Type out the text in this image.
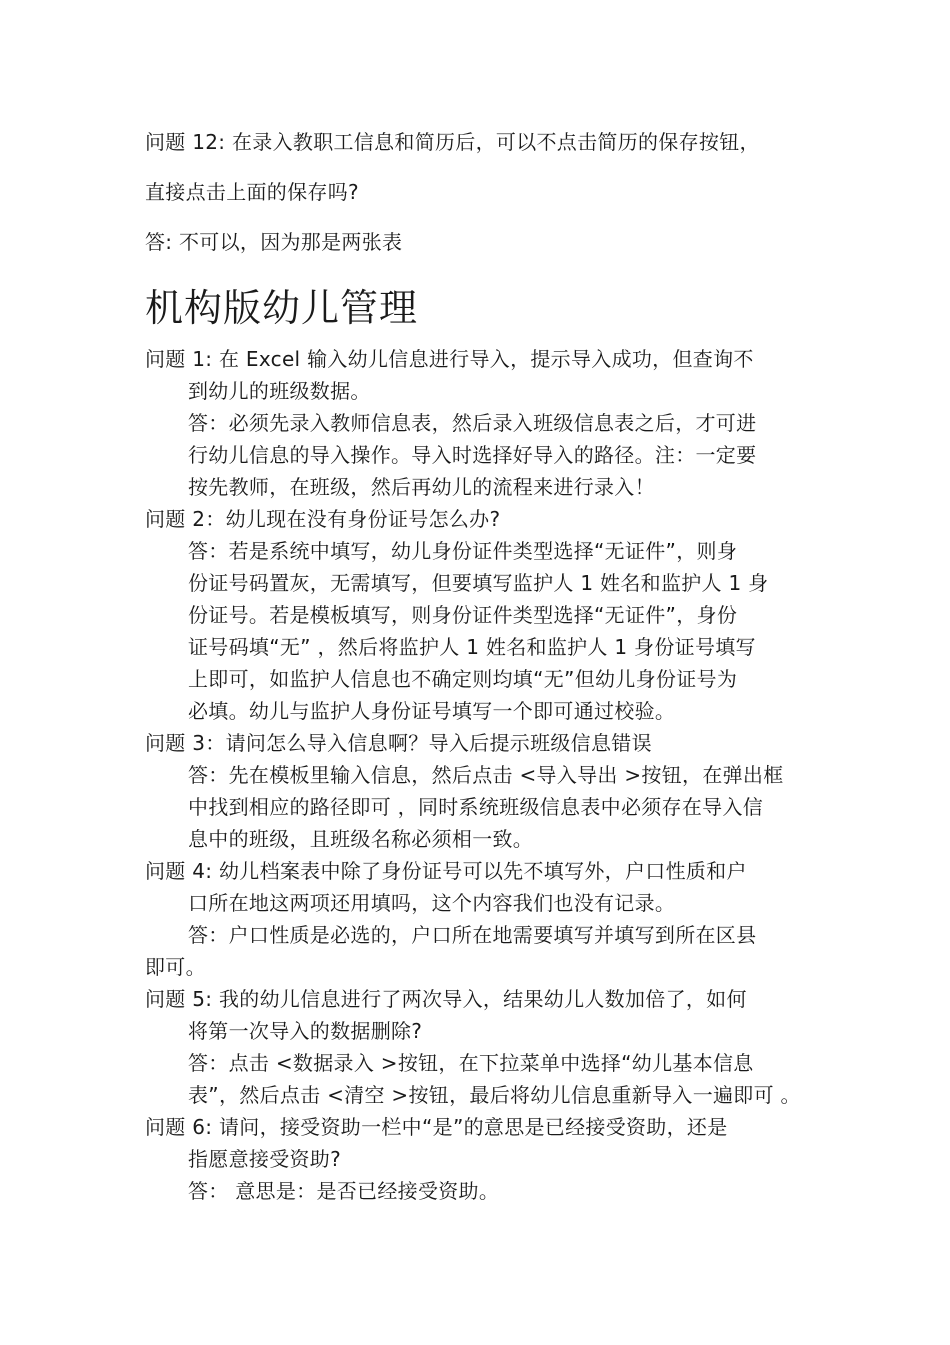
问题 12: 在录入教职工信息和简历后，可以不点击简历的保存按钮，
直接点击上面的保存吗?
答: 不可以，因为那是两张表
机构版幼儿管理
问题 1: 在 Excel 输入幼儿信息进行导入，提示导入成功，但查询不
到幼儿的班级数据。
答：必须先录入教师信息表，然后录入班级信息表之后，才可进
行幼儿信息的导入操作。导入时选择好导入的路径。注：一定要
按先教师，在班级，然后再幼儿的流程来进行录入！
问题 2：幼儿现在没有身份证号怎么办?
答：若是系统中填写，幼儿身份证件类型选择“无证件”，则身
份证号码置灰，无需填写，但要填写监护人 1 姓名和监护人 1 身
份证号。若是模板填写，则身份证件类型选择“无证件”，身份
证号码填“无” ，然后将监护人 1 姓名和监护人 1 身份证号填写
上即可，如监护人信息也不确定则均填“无”但幼儿身份证号为
必填。幼儿与监护人身份证号填写一个即可通过校验。
问题 3：请问怎么导入信息啊？导入后提示班级信息错误
答：先在模板里输入信息，然后点击 <导入导出 >按钮，在弹出框
中找到相应的路径即可 ，同时系统班级信息表中必须存在导入信
息中的班级，且班级名称必须相一致。
问题 4: 幼儿档案表中除了身份证号可以先不填写外，户口性质和户
口所在地这两项还用填吗，这个内容我们也没有记录。
答：户口性质是必选的，户口所在地需要填写并填写到所在区县
即可。
问题 5: 我的幼儿信息进行了两次导入，结果幼儿人数加倍了，如何
将第一次导入的数据删除?
答：点击 <数据录入 >按钮，在下拉菜单中选择“幼儿基本信息
表”，然后点击 <清空 >按钮，最后将幼儿信息重新导入一遍即可 。
问题 6: 请问，接受资助一栏中“是”的意思是已经接受资助，还是
指愿意接受资助?
答： 意思是：是否已经接受资助。
